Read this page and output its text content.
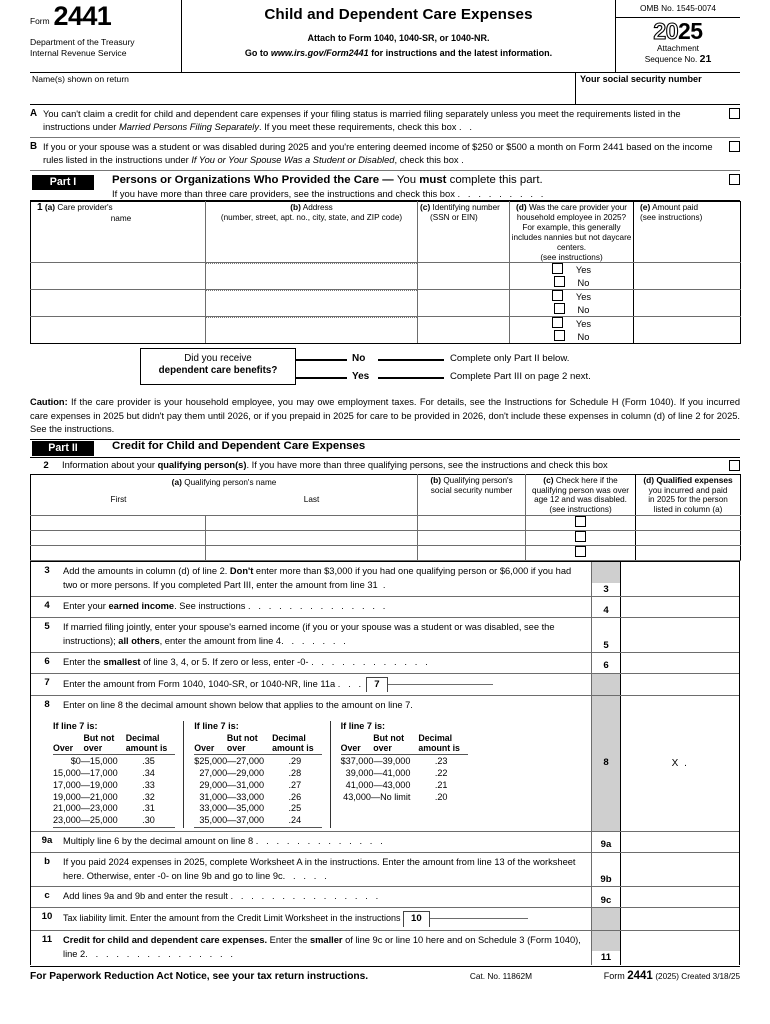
Form 2441
Department of the Treasury
Internal Revenue Service
Child and Dependent Care Expenses
Attach to Form 1040, 1040-SR, or 1040-NR.
Go to www.irs.gov/Form2441 for instructions and the latest information.
OMB No. 1545-0074
2025
Attachment
Sequence No. 21
Name(s) shown on return	Your social security number
A You can't claim a credit for child and dependent care expenses if your filing status is married filing separately unless you meet the requirements listed in the instructions under Married Persons Filing Separately. If you meet these requirements, check this box . .
B If you or your spouse was a student or was disabled during 2025 and you're entering deemed income of $250 or $500 a month on Form 2441 based on the income rules listed in the instructions under If You or Your Spouse Was a Student or Disabled, check this box .
Part I	Persons or Organizations Who Provided the Care — You must complete this part.
If you have more than three care providers, see the instructions and check this box . . . . . . . . .
1 (a) Care provider's
name
	(b) Address
(number, street, apt. no., city, state, and ZIP code)
	(c) Identifying number
(SSN or EIN)
	(d) Was the care provider your household employee in 2025?
For example, this generally includes nannies but not daycare centers.
(see instructions)
	(e) Amount paid
(see instructions)

		Yes No	

		Yes No	

		Yes No	
Did you receive
dependent care benefits?
No	Complete only Part II below.
Yes	Complete Part III on page 2 next.
Caution: If the care provider is your household employee, you may owe employment taxes. For details, see the Instructions for Schedule H (Form 1040). If you incurred care expenses in 2025 but didn't pay them until 2026, or if you prepaid in 2025 for care to be provided in 2026, don't include these expenses in column (d) of line 2 for 2025. See the instructions.
Part II	Credit for Child and Dependent Care Expenses
2	Information about your qualifying person(s). If you have more than three qualifying persons, see the instructions and check this box
(a) Qualifying person's name
First	Last
	(b) Qualifying person's
social security number
	(c) Check here if the
qualifying person was over
age 12 and was disabled.
(see instructions)
	(d) Qualified expenses
you incurred and paid
in 2025 for the person
listed in column (a)

3	Add the amounts in column (d) of line 2. Don't enter more than $3,000 if you had one qualifying person or $6,000 if you had two or more persons. If you completed Part III, enter the amount from line 31 .	3
4	Enter your earned income. See instructions . . . . . . . . . . . . . .	4
5	If married filing jointly, enter your spouse's earned income (if you or your spouse was a student or was disabled, see the instructions); all others, enter the amount from line 4. . . . . . .	5
6	Enter the smallest of line 3, 4, or 5. If zero or less, enter -0- . . . . . . . . . . . .	6
7	Enter the amount from Form 1040, 1040-SR, or 1040-NR, line 11a . . . 7
8	Enter on line 8 the decimal amount shown below that applies to the amount on line 7.
If line 7 is:
Over	But not
over	Decimal
amount is
$0—15,000		.35
15,000—17,000		.34
17,000—19,000		.33
19,000—21,000		.32
21,000—23,000		.31
23,000—25,000		.30
If line 7 is:
Over	But not
over	Decimal
amount is
$25,000—27,000		.29
27,000—29,000		.28
29,000—31,000		.27
31,000—33,000		.26
33,000—35,000		.25
35,000—37,000		.24
If line 7 is:
Over	But not
over	Decimal
amount is
$37,000—39,000		.23
39,000—41,000		.22
41,000—43,000		.21
43,000—No limit		.20
8	X .
9a	Multiply line 6 by the decimal amount on line 8 . . . . . . . . . . . . .	9a
b	If you paid 2024 expenses in 2025, complete Worksheet A in the instructions. Enter the amount from line 13 of the worksheet here. Otherwise, enter -0- on line 9b and go to line 9c. . . . .	9b
c	Add lines 9a and 9b and enter the result . . . . . . . . . . . . . . .	9c
10	Tax liability limit. Enter the amount from the Credit Limit Worksheet in the instructions 10
11	Credit for child and dependent care expenses. Enter the smaller of line 9c or line 10 here and on Schedule 3 (Form 1040), line 2. . . . . . . . . . . . . . .	11
For Paperwork Reduction Act Notice, see your tax return instructions.	Cat. No. 11862M	Form 2441 (2025) Created 3/18/25
